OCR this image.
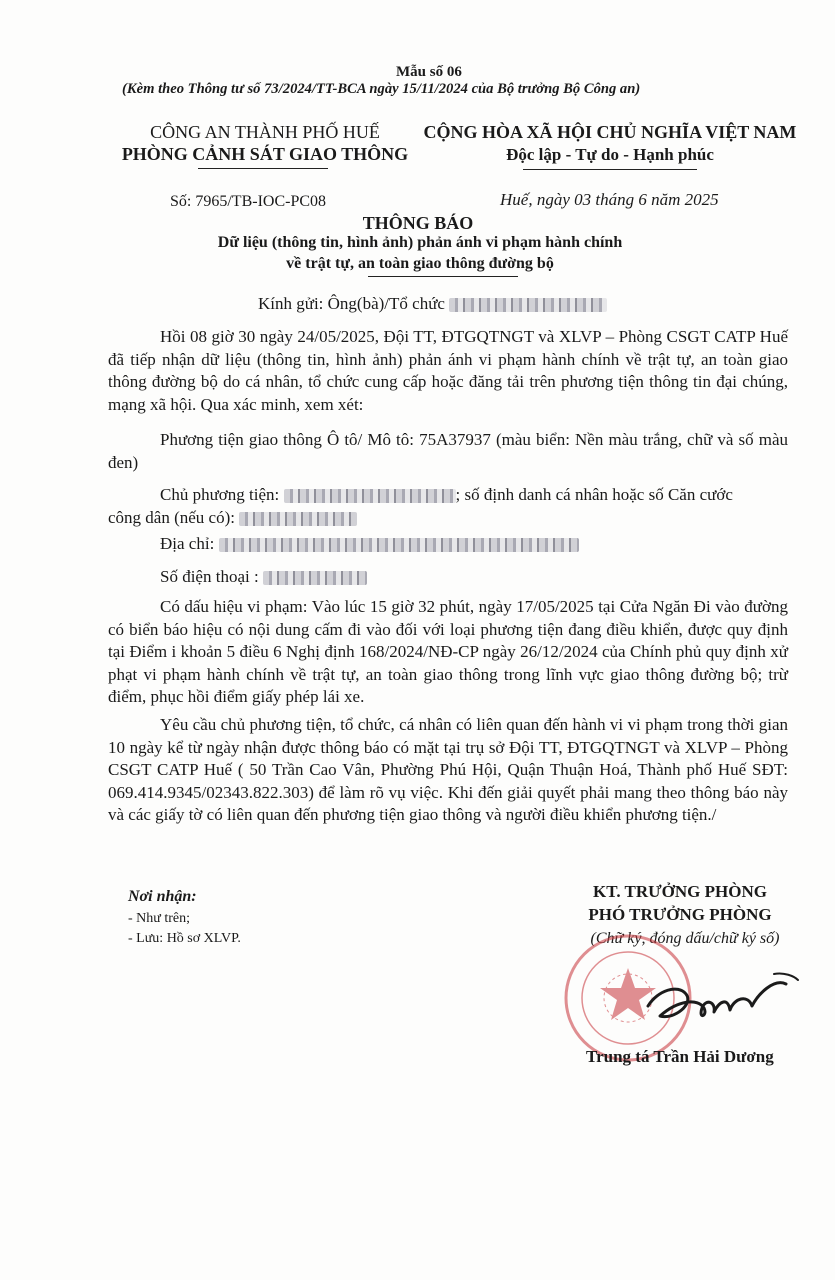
Mẫu số 06
(Kèm theo Thông tư số 73/2024/TT-BCA ngày 15/11/2024 của Bộ trưởng Bộ Công an)
CÔNG AN THÀNH PHỐ HUẾ
PHÒNG CẢNH SÁT GIAO THÔNG
CỘNG HÒA XÃ HỘI CHỦ NGHĨA VIỆT NAM
Độc lập - Tự do - Hạnh phúc
Số: 7965/TB-IOC-PC08	Huế, ngày 03 tháng 6 năm 2025
THÔNG BÁO
Dữ liệu (thông tin, hình ảnh) phản ánh vi phạm hành chính
về trật tự, an toàn giao thông đường bộ
Kính gửi: Ông(bà)/Tổ chức
Hồi 08 giờ 30 ngày 24/05/2025, Đội TT, ĐTGQTNGT và XLVP – Phòng CSGT CATP Huế đã tiếp nhận dữ liệu (thông tin, hình ảnh) phản ánh vi phạm hành chính về trật tự, an toàn giao thông đường bộ do cá nhân, tổ chức cung cấp hoặc đăng tải trên phương tiện thông tin đại chúng, mạng xã hội. Qua xác minh, xem xét:
Phương tiện giao thông Ô tô/ Mô tô: 75A37937 (màu biển: Nền màu trắng, chữ và số màu đen)
Chủ phương tiện:	; số định danh cá nhân hoặc số Căn cước
công dân (nếu có):
Địa chỉ:
Số điện thoại :
Có dấu hiệu vi phạm: Vào lúc 15 giờ 32 phút, ngày 17/05/2025 tại Cửa Ngăn Đi vào đường có biển báo hiệu có nội dung cấm đi vào đối với loại phương tiện đang điều khiển, được quy định tại Điểm i khoản 5 điều 6 Nghị định 168/2024/NĐ-CP ngày 26/12/2024 của Chính phủ quy định xử phạt vi phạm hành chính về trật tự, an toàn giao thông trong lĩnh vực giao thông đường bộ; trừ điểm, phục hồi điểm giấy phép lái xe.
Yêu cầu chủ phương tiện, tổ chức, cá nhân có liên quan đến hành vi vi phạm trong thời gian 10 ngày kể từ ngày nhận được thông báo có mặt tại trụ sở Đội TT, ĐTGQTNGT và XLVP – Phòng CSGT CATP Huế ( 50 Trần Cao Vân, Phường Phú Hội, Quận Thuận Hoá, Thành phố Huế SĐT: 069.414.9345/02343.822.303) để làm rõ vụ việc. Khi đến giải quyết phải mang theo thông báo này và các giấy tờ có liên quan đến phương tiện giao thông và người điều khiển phương tiện./
Nơi nhận:
- Như trên;
- Lưu: Hồ sơ XLVP.
KT. TRƯỞNG PHÒNG
PHÓ TRƯỞNG PHÒNG
(Chữ ký, đóng dấu/chữ ký số)
Trung tá Trần Hải Dương
